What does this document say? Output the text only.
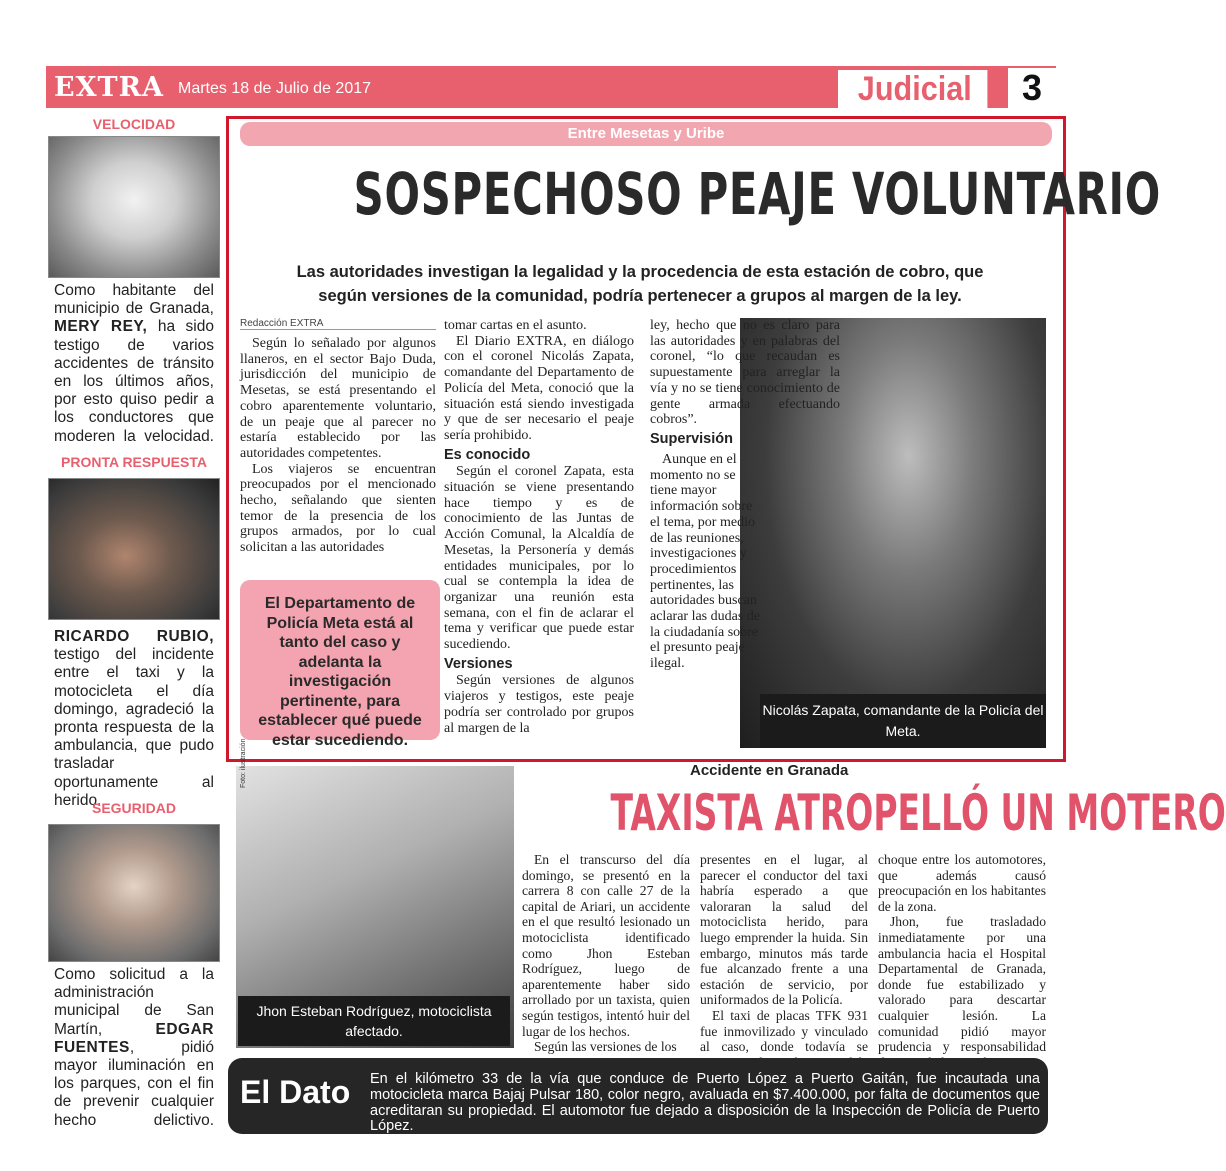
EXTRA Martes 18 de Julio de 2017	Judicial	3
VELOCIDAD
Como habitante del municipio de Granada, MERY REY, ha sido testigo de varios accidentes de tránsito en los últimos años, por esto quiso pedir a los conductores que moderen la velocidad.
PRONTA RESPUESTA
RICARDO RUBIO, testigo del incidente entre el taxi y la motocicleta el día domingo, agradeció la pronta respuesta de la ambulancia, que pudo trasladar oportunamente al herido.
SEGURIDAD
Como solicitud a la administración municipal de San Martín, EDGAR FUENTES, pidió mayor iluminación en los parques, con el fin de prevenir cualquier hecho delictivo.
Entre Mesetas y Uribe
SOSPECHOSO PEAJE VOLUNTARIO
Las autoridades investigan la legalidad y la procedencia de esta estación de cobro, que según versiones de la comunidad, podría pertenecer a grupos al margen de la ley.
Redacción EXTRA

Según lo señalado por algunos llaneros, en el sector Bajo Duda, jurisdicción del municipio de Mesetas, se está presentando el cobro aparentemente voluntario, de un peaje que al parecer no estaría establecido por las autoridades competentes.

Los viajeros se encuentran preocupados por el mencionado hecho, señalando que sienten temor de la presencia de los grupos armados, por lo cual solicitan a las autoridades

tomar cartas en el asunto.

El Diario EXTRA, en diálogo con el coronel Nicolás Zapata, comandante del Departamento de Policía del Meta, conoció que la situación está siendo investigada y que de ser necesario el peaje sería prohibido.

Es conocido

Según el coronel Zapata, esta situación se viene presentando hace tiempo y es de conocimiento de las Juntas de Acción Comunal, la Alcaldía de Mesetas, la Personería y demás entidades municipales, por lo cual se contempla la idea de organizar una reunión esta semana, con el fin de aclarar el tema y verificar que puede estar sucediendo.

Versiones

Según versiones de algunos viajeros y testigos, este peaje podría ser controlado por grupos al margen de la

ley, hecho que no es claro para las autoridades y en palabras del coronel, “lo que recaudan es supuestamente para arreglar la vía y no se tiene conocimiento de gente armada efectuando cobros”.
Supervisión

Aunque en el momento no se tiene mayor información sobre el tema, por medio de las reuniones, investigaciones y procedimientos pertinentes, las autoridades buscan aclarar las dudas de la ciudadanía sobre el presunto peaje ilegal.

El Departamento de Policía Meta está al tanto del caso y adelanta la investigación pertinente, para establecer qué puede estar sucediendo.
Nicolás Zapata, comandante de la Policía del Meta.
Foto: ilustración
Jhon Esteban Rodríguez, motociclista afectado.
Accidente en Granada
TAXISTA ATROPELLÓ UN MOTERO

En el transcurso del día domingo, se presentó en la carrera 8 con calle 27 de la capital de Ariari, un accidente en el que resultó lesionado un motociclista identificado como Jhon Esteban Rodríguez, luego de aparentemente haber sido arrollado por un taxista, quien según testigos, intentó huir del lugar de los hechos.

Según las versiones de los

presentes en el lugar, al parecer el conductor del taxi habría esperado a que valoraran la salud del motociclista herido, para luego emprender la huida. Sin embargo, minutos más tarde fue alcanzado frente a una estación de servicio, por uniformados de la Policía.

El taxi de placas TFK 931 fue inmovilizado y vinculado al caso, donde todavía se

choque entre los automotores, que además causó preocupación en los habitantes de la zona.

Jhon, fue trasladado inmediatamente por una ambulancia hacia el Hospital Departamental de Granada, donde fue estabilizado y valorado para descartar cualquier lesión. La comunidad pidió mayor prudencia y responsabilidad

El Dato En el kilómetro 33 de la vía que conduce de Puerto López a Puerto Gaitán, fue incautada una motocicleta marca Bajaj Pulsar 180, color negro, avaluada en $7.400.000, por falta de documentos que acreditaran su propiedad. El automotor fue dejado a disposición de la Inspección de Policía de Puerto López.
